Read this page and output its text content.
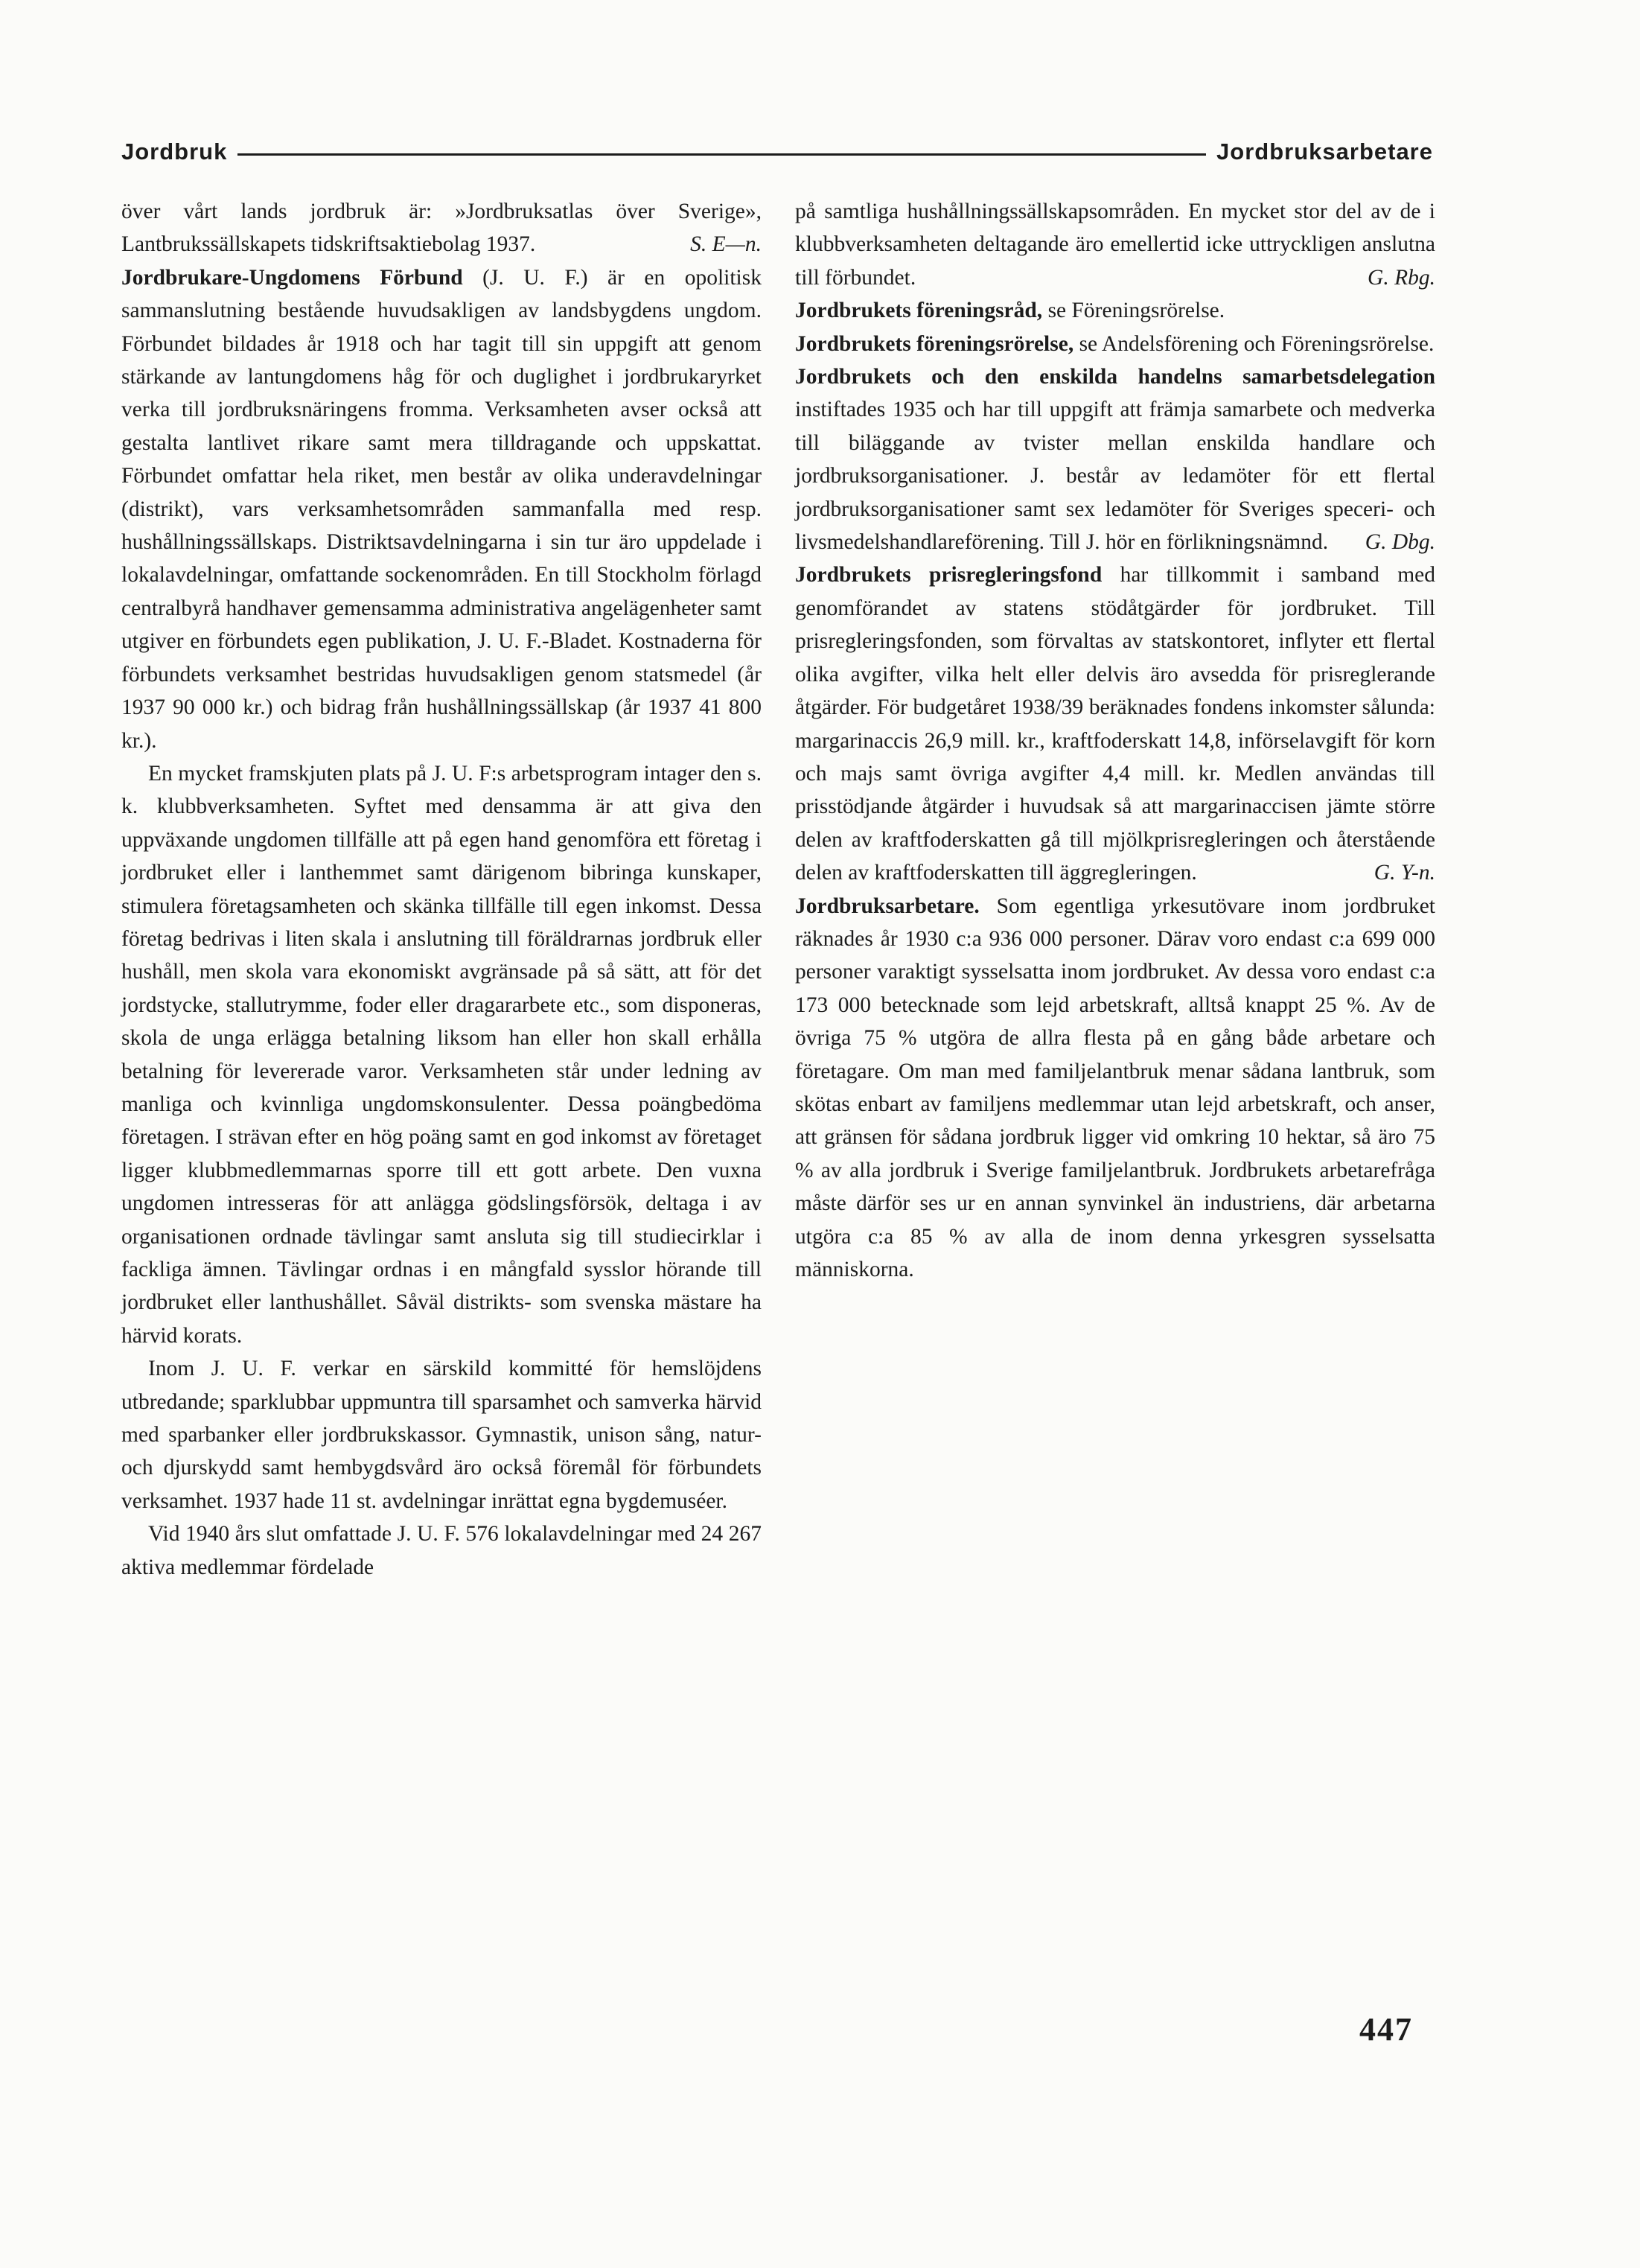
Jordbruk	Jordbruksarbetare

över vårt lands jordbruk är: »Jordbruksatlas över Sverige», Lantbrukssällskapets tidskriftsaktiebolag 1937.	S. E—n.

Jordbrukare-Ungdomens Förbund (J. U. F.) är en opolitisk sammanslutning bestående huvudsakligen av landsbygdens ungdom. Förbundet bildades år 1918 och har tagit till sin uppgift att genom stärkande av lantungdomens håg för och duglighet i jordbrukaryrket verka till jordbruksnäringens fromma. Verksamheten avser också att gestalta lantlivet rikare samt mera tilldragande och uppskattat. Förbundet omfattar hela riket, men består av olika underavdelningar (distrikt), vars verksamhetsområden sammanfalla med resp. hushållningssällskaps. Distriktsavdelningarna i sin tur äro uppdelade i lokalavdelningar, omfattande sockenområden. En till Stockholm förlagd centralbyrå handhaver gemensamma administrativa angelägenheter samt utgiver en förbundets egen publikation, J. U. F.-Bladet. Kostnaderna för förbundets verksamhet bestridas huvudsakligen genom statsmedel (år 1937 90 000 kr.) och bidrag från hushållningssällskap (år 1937 41 800 kr.).

En mycket framskjuten plats på J. U. F:s arbetsprogram intager den s. k. klubbverksamheten. Syftet med densamma är att giva den uppväxande ungdomen tillfälle att på egen hand genomföra ett företag i jordbruket eller i lanthemmet samt därigenom bibringa kunskaper, stimulera företagsamheten och skänka tillfälle till egen inkomst. Dessa företag bedrivas i liten skala i anslutning till föräldrarnas jordbruk eller hushåll, men skola vara ekonomiskt avgränsade på så sätt, att för det jordstycke, stallutrymme, foder eller dragararbete etc., som disponeras, skola de unga erlägga betalning liksom han eller hon skall erhålla betalning för levererade varor. Verksamheten står under ledning av manliga och kvinnliga ungdomskonsulenter. Dessa poängbedöma företagen. I strävan efter en hög poäng samt en god inkomst av företaget ligger klubbmedlemmarnas sporre till ett gott arbete. Den vuxna ungdomen intresseras för att anlägga gödslingsförsök, deltaga i av organisationen ordnade tävlingar samt ansluta sig till studiecirklar i fackliga ämnen. Tävlingar ordnas i en mångfald sysslor hörande till jordbruket eller lanthushållet. Såväl distrikts- som svenska mästare ha härvid korats.

Inom J. U. F. verkar en särskild kommitté för hemslöjdens utbredande; sparklubbar uppmuntra till sparsamhet och samverka härvid med sparbanker eller jordbrukskassor. Gymnastik, unison sång, natur- och djurskydd samt hembygdsvård äro också föremål för förbundets verksamhet. 1937 hade 11 st. avdelningar inrättat egna bygdemuséer.

Vid 1940 års slut omfattade J. U. F. 576 lokalavdelningar med 24 267 aktiva medlemmar fördelade

på samtliga hushållningssällskapsområden. En mycket stor del av de i klubbverksamheten deltagande äro emellertid icke uttryckligen anslutna till förbundet.	G. Rbg.

Jordbrukets föreningsråd, se Föreningsrörelse.

Jordbrukets föreningsrörelse, se Andelsförening och Föreningsrörelse.

Jordbrukets och den enskilda handelns samarbetsdelegation instiftades 1935 och har till uppgift att främja samarbete och medverka till biläggande av tvister mellan enskilda handlare och jordbruksorganisationer. J. består av ledamöter för ett flertal jordbruksorganisationer samt sex ledamöter för Sveriges speceri- och livsmedelshandlareförening. Till J. hör en förlikningsnämnd.	G. Dbg.

Jordbrukets prisregleringsfond har tillkommit i samband med genomförandet av statens stödåtgärder för jordbruket. Till prisregleringsfonden, som förvaltas av statskontoret, inflyter ett flertal olika avgifter, vilka helt eller delvis äro avsedda för prisreglerande åtgärder. För budgetåret 1938/39 beräknades fondens inkomster sålunda: margarinaccis 26,9 mill. kr., kraftfoderskatt 14,8, införselavgift för korn och majs samt övriga avgifter 4,4 mill. kr. Medlen användas till prisstödjande åtgärder i huvudsak så att margarinaccisen jämte större delen av kraftfoderskatten gå till mjölkprisregleringen och återstående delen av kraftfoderskatten till äggregleringen.	G. Y-n.

Jordbruksarbetare. Som egentliga yrkesutövare inom jordbruket räknades år 1930 c:a 936 000 personer. Därav voro endast c:a 699 000 personer varaktigt sysselsatta inom jordbruket. Av dessa voro endast c:a 173 000 betecknade som lejd arbetskraft, alltså knappt 25 %. Av de övriga 75 % utgöra de allra flesta på en gång både arbetare och företagare. Om man med familjelantbruk menar sådana lantbruk, som skötas enbart av familjens medlemmar utan lejd arbetskraft, och anser, att gränsen för sådana jordbruk ligger vid omkring 10 hektar, så äro 75 % av alla jordbruk i Sverige familjelantbruk. Jordbrukets arbetarefråga måste därför ses ur en annan synvinkel än industriens, där arbetarna utgöra c:a 85 % av alla de inom denna yrkesgren sysselsatta människorna.

447
